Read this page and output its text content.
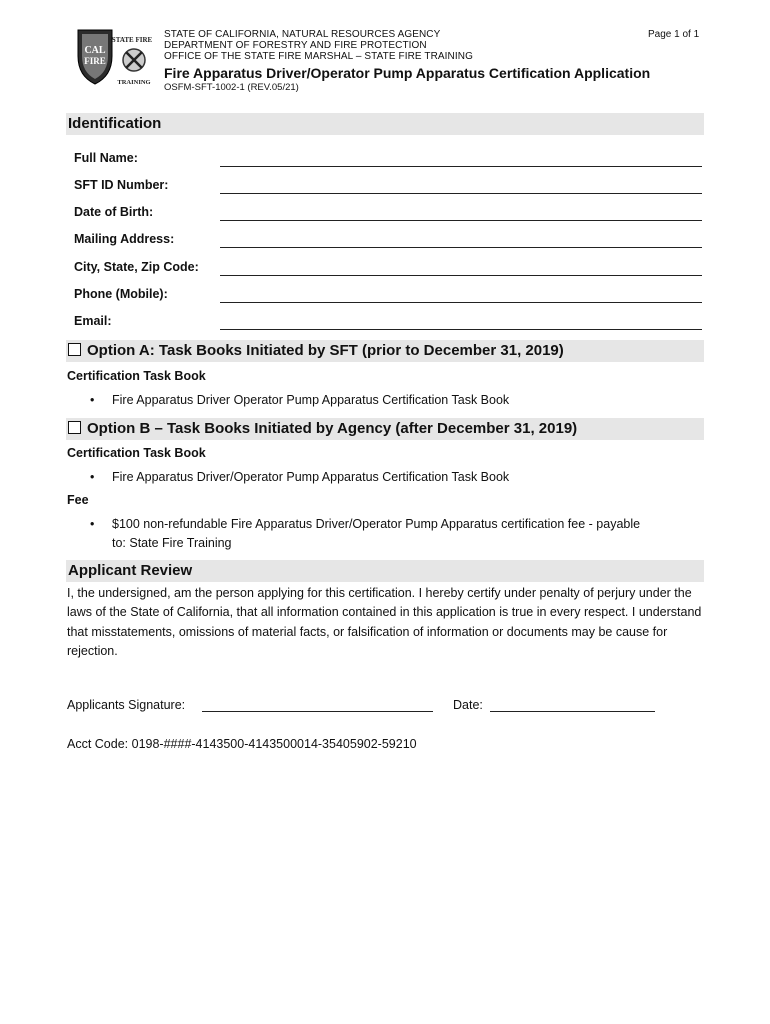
CAL
FIRE
STATE FIRE
TRAINING
STATE OF CALIFORNIA, NATURAL RESOURCES AGENCY
DEPARTMENT OF FORESTRY AND FIRE PROTECTION
OFFICE OF THE STATE FIRE MARSHAL – STATE FIRE TRAINING
Page 1 of 1
Fire Apparatus Driver/Operator Pump Apparatus Certification Application
OSFM-SFT-1002-1 (REV.05/21)
Identification
Full Name:
SFT ID Number:
Date of Birth:
Mailing Address:
City, State, Zip Code:
Phone (Mobile):
Email:
Option A: Task Books Initiated by SFT (prior to December 31, 2019)
Certification Task Book
• Fire Apparatus Driver Operator Pump Apparatus Certification Task Book
Option B – Task Books Initiated by Agency (after December 31, 2019)
Certification Task Book
• Fire Apparatus Driver/Operator Pump Apparatus Certification Task Book
Fee
• $100 non-refundable Fire Apparatus Driver/Operator Pump Apparatus certification fee - payable
to: State Fire Training
Applicant Review
I, the undersigned, am the person applying for this certification. I hereby certify under penalty of perjury under the laws of the State of California, that all information contained in this application is true in every respect. I understand that misstatements, omissions of material facts, or falsification of information or documents may be cause for rejection.
Applicants Signature:	Date:
Acct Code: 0198-####-4143500-4143500014-35405902-59210
